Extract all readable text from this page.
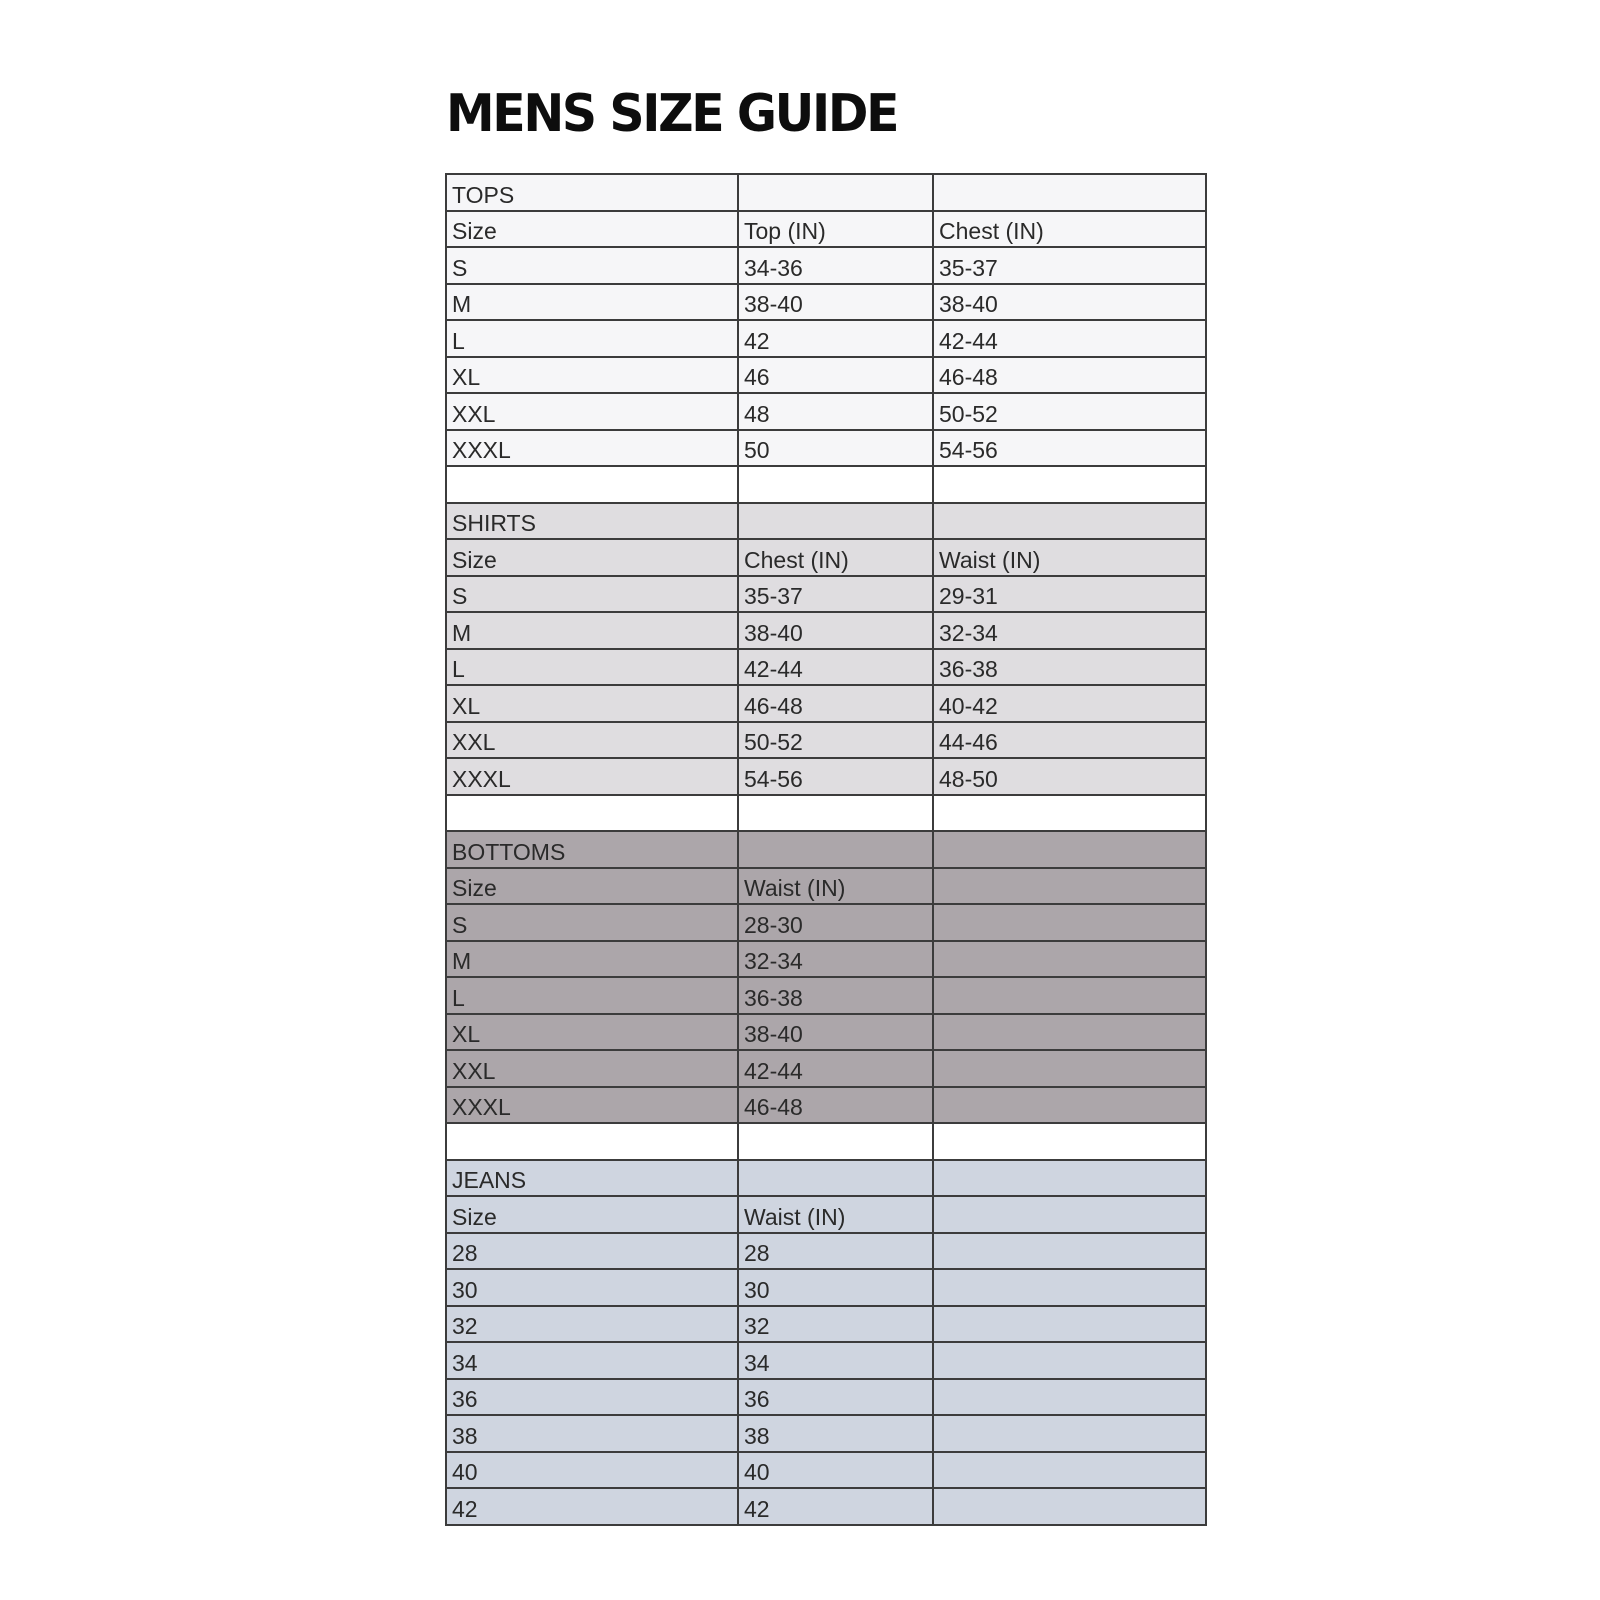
MENS SIZE GUIDE
TOPS		
Size	Top (IN)	Chest (IN)
S	34-36	35-37
M	38-40	38-40
L	42	42-44
XL	46	46-48
XXL	48	50-52
XXXL	50	54-56

SHIRTS		
Size	Chest (IN)	Waist (IN)
S	35-37	29-31
M	38-40	32-34
L	42-44	36-38
XL	46-48	40-42
XXL	50-52	44-46
XXXL	54-56	48-50

BOTTOMS		
Size	Waist (IN)	
S	28-30	
M	32-34	
L	36-38	
XL	38-40	
XXL	42-44	
XXXL	46-48	

JEANS		
Size	Waist (IN)	
28	28	
30	30	
32	32	
34	34	
36	36	
38	38	
40	40	
42	42	
